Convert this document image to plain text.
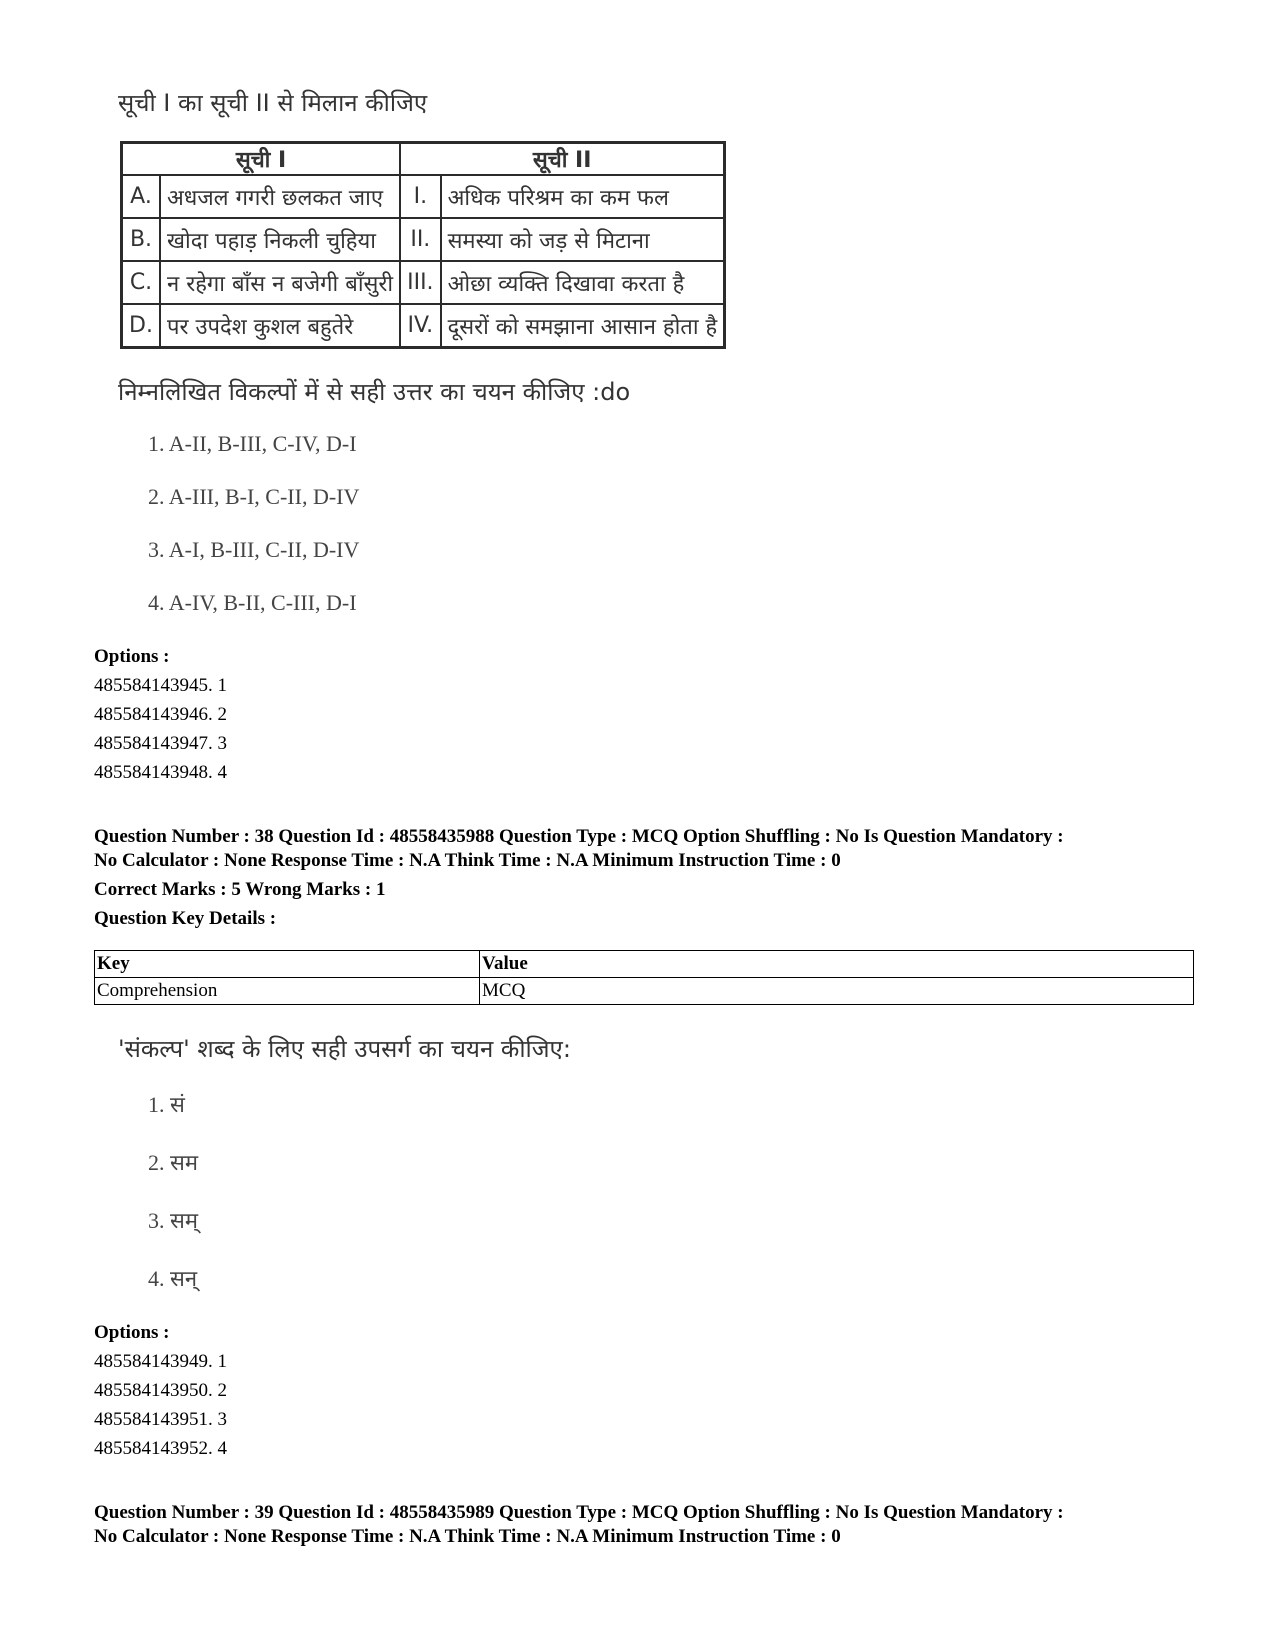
सूची I का सूची II से मिलान कीजिए
सूची I		सूची II	
A.	अधजल गगरी छलकत जाए	I.	अधिक परिश्रम का कम फल
B.	खोदा पहाड़ निकली चुहिया	II.	समस्या को जड़ से मिटाना
C.	न रहेगा बाँस न बजेगी बाँसुरी	III.	ओछा व्यक्ति दिखावा करता है
D.	पर उपदेश कुशल बहुतेरे	IV.	दूसरों को समझाना आसान होता है
निम्नलिखित विकल्पों में से सही उत्तर का चयन कीजिए :do
1. A-II, B-III, C-IV, D-I
2. A-III, B-I, C-II, D-IV
3. A-I, B-III, C-II, D-IV
4. A-IV, B-II, C-III, D-I
Options :
485584143945. 1
485584143946. 2
485584143947. 3
485584143948. 4
Question Number : 38 Question Id : 48558435988 Question Type : MCQ Option Shuffling : No Is Question Mandatory :
No Calculator : None Response Time : N.A Think Time : N.A Minimum Instruction Time : 0
Correct Marks : 5 Wrong Marks : 1
Question Key Details :
Key	Value
Comprehension	MCQ
'संकल्प' शब्द के लिए सही उपसर्ग का चयन कीजिए:
1. सं
2. सम
3. सम्
4. सन्
Options :
485584143949. 1
485584143950. 2
485584143951. 3
485584143952. 4
Question Number : 39 Question Id : 48558435989 Question Type : MCQ Option Shuffling : No Is Question Mandatory :
No Calculator : None Response Time : N.A Think Time : N.A Minimum Instruction Time : 0
